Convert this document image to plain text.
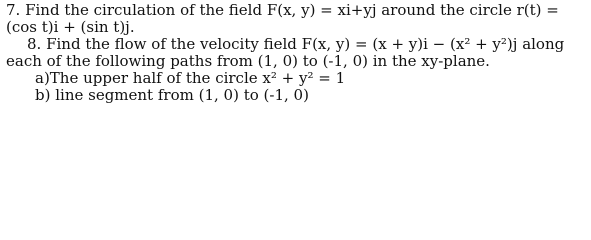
7. Find the circulation of the field F(x, y) = xi+yj around the circle r(t) =
(cos t)i + (sin t)j.
8. Find the flow of the velocity field F(x, y) = (x + y)i − (x² + y²)j along
each of the following paths from (1, 0) to (-1, 0) in the xy-plane.
a)The upper half of the circle x² + y² = 1
b) line segment from (1, 0) to (-1, 0)
